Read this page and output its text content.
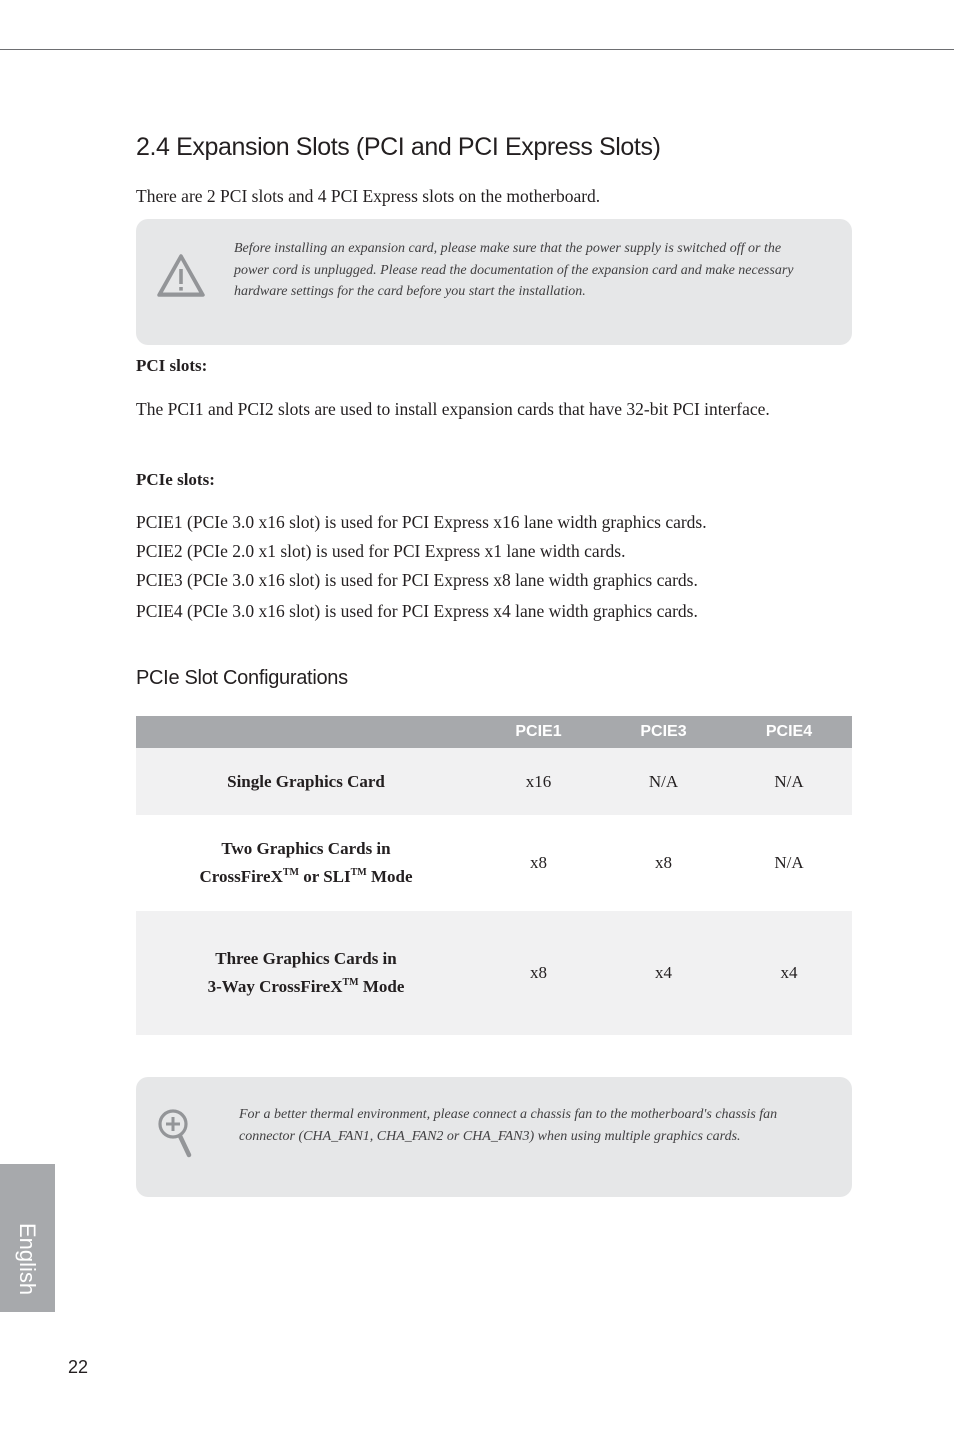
2.4 Expansion Slots (PCI and PCI Express Slots)

There are 2 PCI slots and 4 PCI Express slots on the motherboard.

Before installing an expansion card, please make sure that the power supply is switched off or the power cord is unplugged. Please read the documentation of the expansion card and make necessary hardware settings for the card before you start the installation.

PCI slots:

The PCI1 and PCI2 slots are used to install expansion cards that have 32-bit PCI interface.

PCIe slots:

PCIE1 (PCIe 3.0 x16 slot) is used for PCI Express x16 lane width graphics cards.
PCIE2 (PCIe 2.0 x1 slot) is used for PCI Express x1 lane width cards.
PCIE3 (PCIe 3.0 x16 slot) is used for PCI Express x8 lane width graphics cards.
PCIE4 (PCIe 3.0 x16 slot) is used for PCI Express x4 lane width graphics cards.
PCIe Slot Configurations
	PCIE1	PCIE3	PCIE4
Single Graphics Card	x16	N/A	N/A
Two Graphics Cards in
CrossFireX™ or SLI™ Mode	x8	x8	N/A
Three Graphics Cards in
3-Way CrossFireX™ Mode	x8	x4	x4

For a better thermal environment, please connect a chassis fan to the motherboard's chassis fan connector (CHA_FAN1, CHA_FAN2 or CHA_FAN3) when using multiple graphics cards.

English
22
